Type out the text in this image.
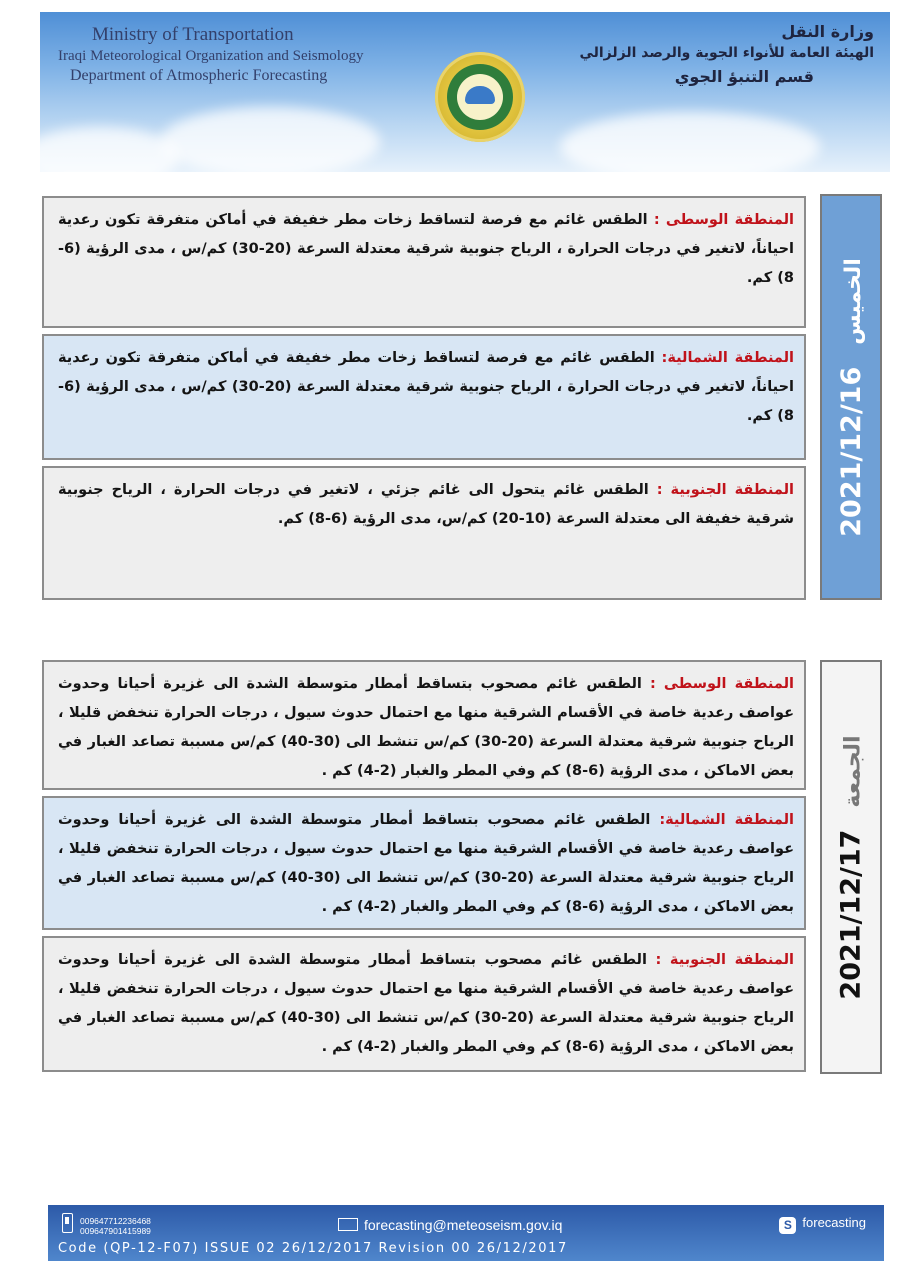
Ministry of Transportation
Iraqi Meteorological Organization and Seismology
Department of Atmospheric Forecasting
وزارة النقل
الهيئة العامة للأنواء الجوية والرصد الزلزالي
قسم التنبؤ الجوي

المنطقة الوسطى : الطقس غائم مع فرصة لتساقط زخات مطر خفيفة في أماكن متفرقة تكون رعدية احياناً، لاتغير في درجات الحرارة ، الرياح جنوبية شرقية معتدلة السرعة (20-30) كم/س ، مدى الرؤية (6-8) كم.

المنطقة الشمالية: الطقس غائم مع فرصة لتساقط زخات مطر خفيفة في أماكن متفرقة تكون رعدية احياناً، لاتغير في درجات الحرارة ، الرياح جنوبية شرقية معتدلة السرعة (20-30) كم/س ، مدى الرؤية (6-8) كم.

المنطقة الجنوبية : الطقس غائم يتحول الى غائم جزئي ، لاتغير في درجات الحرارة ، الرياح جنوبية شرقية خفيفة الى معتدلة السرعة (10-20) كم/س، مدى الرؤية (6-8) كم. 2021/12/16الخميس

المنطقة الوسطى : الطقس غائم مصحوب بتساقط أمطار متوسطة الشدة الى غزيرة أحيانا وحدوث عواصف رعدية خاصة في الأقسام الشرقية منها مع احتمال حدوث سيول ، درجات الحرارة تنخفض قليلا ، الرياح جنوبية شرقية معتدلة السرعة (20-30) كم/س تنشط الى (30-40) كم/س مسببة تصاعد الغبار في بعض الاماكن ، مدى الرؤية (6-8) كم وفي المطر والغبار (2-4) كم .

المنطقة الشمالية: الطقس غائم مصحوب بتساقط أمطار متوسطة الشدة الى غزيرة أحيانا وحدوث عواصف رعدية خاصة في الأقسام الشرقية منها مع احتمال حدوث سيول ، درجات الحرارة تنخفض قليلا ، الرياح جنوبية شرقية معتدلة السرعة (20-30) كم/س تنشط الى (30-40) كم/س مسببة تصاعد الغبار في بعض الاماكن ، مدى الرؤية (6-8) كم وفي المطر والغبار (2-4) كم .

المنطقة الجنوبية : الطقس غائم مصحوب بتساقط أمطار متوسطة الشدة الى غزيرة أحيانا وحدوث عواصف رعدية خاصة في الأقسام الشرقية منها مع احتمال حدوث سيول ، درجات الحرارة تنخفض قليلا ، الرياح جنوبية شرقية معتدلة السرعة (20-30) كم/س تنشط الى (30-40) كم/س مسببة تصاعد الغبار في بعض الاماكن ، مدى الرؤية (6-8) كم وفي المطر والغبار (2-4) كم .

2021/12/17الجمعة
009647712236468
009647901415989	forecasting@meteoseism.gov.iq	S forecasting
Code (QP-12-F07) ISSUE 02 26/12/2017 Revision 00 26/12/2017
